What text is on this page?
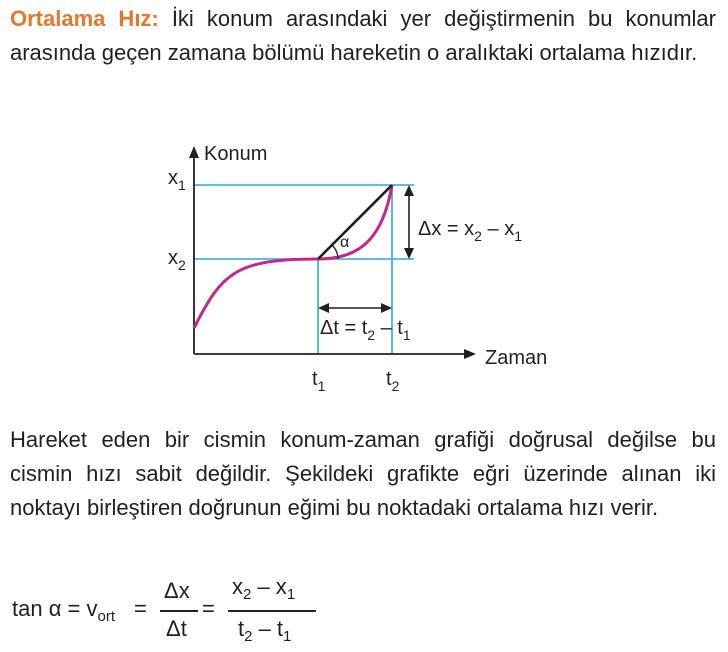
Ortalama Hız: İki konum arasındaki yer değiştirmenin bu konumlar arasında geçen zamana bölümü hareketin o aralıktaki ortalama hızıdır.
α
$\Delta x = x_2 - x_1$
$\Delta t = t_2 - t_1$
Konum
Zaman
$x_1$
$x_2$
$t_1$	$t_2$
Hareket eden bir cismin konum-zaman grafiği doğrusal değilse bu cismin hızı sabit değildir. Şekildeki grafikte eğri üzerinde alınan iki noktayı birleştiren doğrunun eğimi bu noktadaki ortalama hızı verir.
$\tan \alpha = v_{ort}$ =
Δx
Δt
=
$x_2 - x_1$
$t_2 - t_1$
